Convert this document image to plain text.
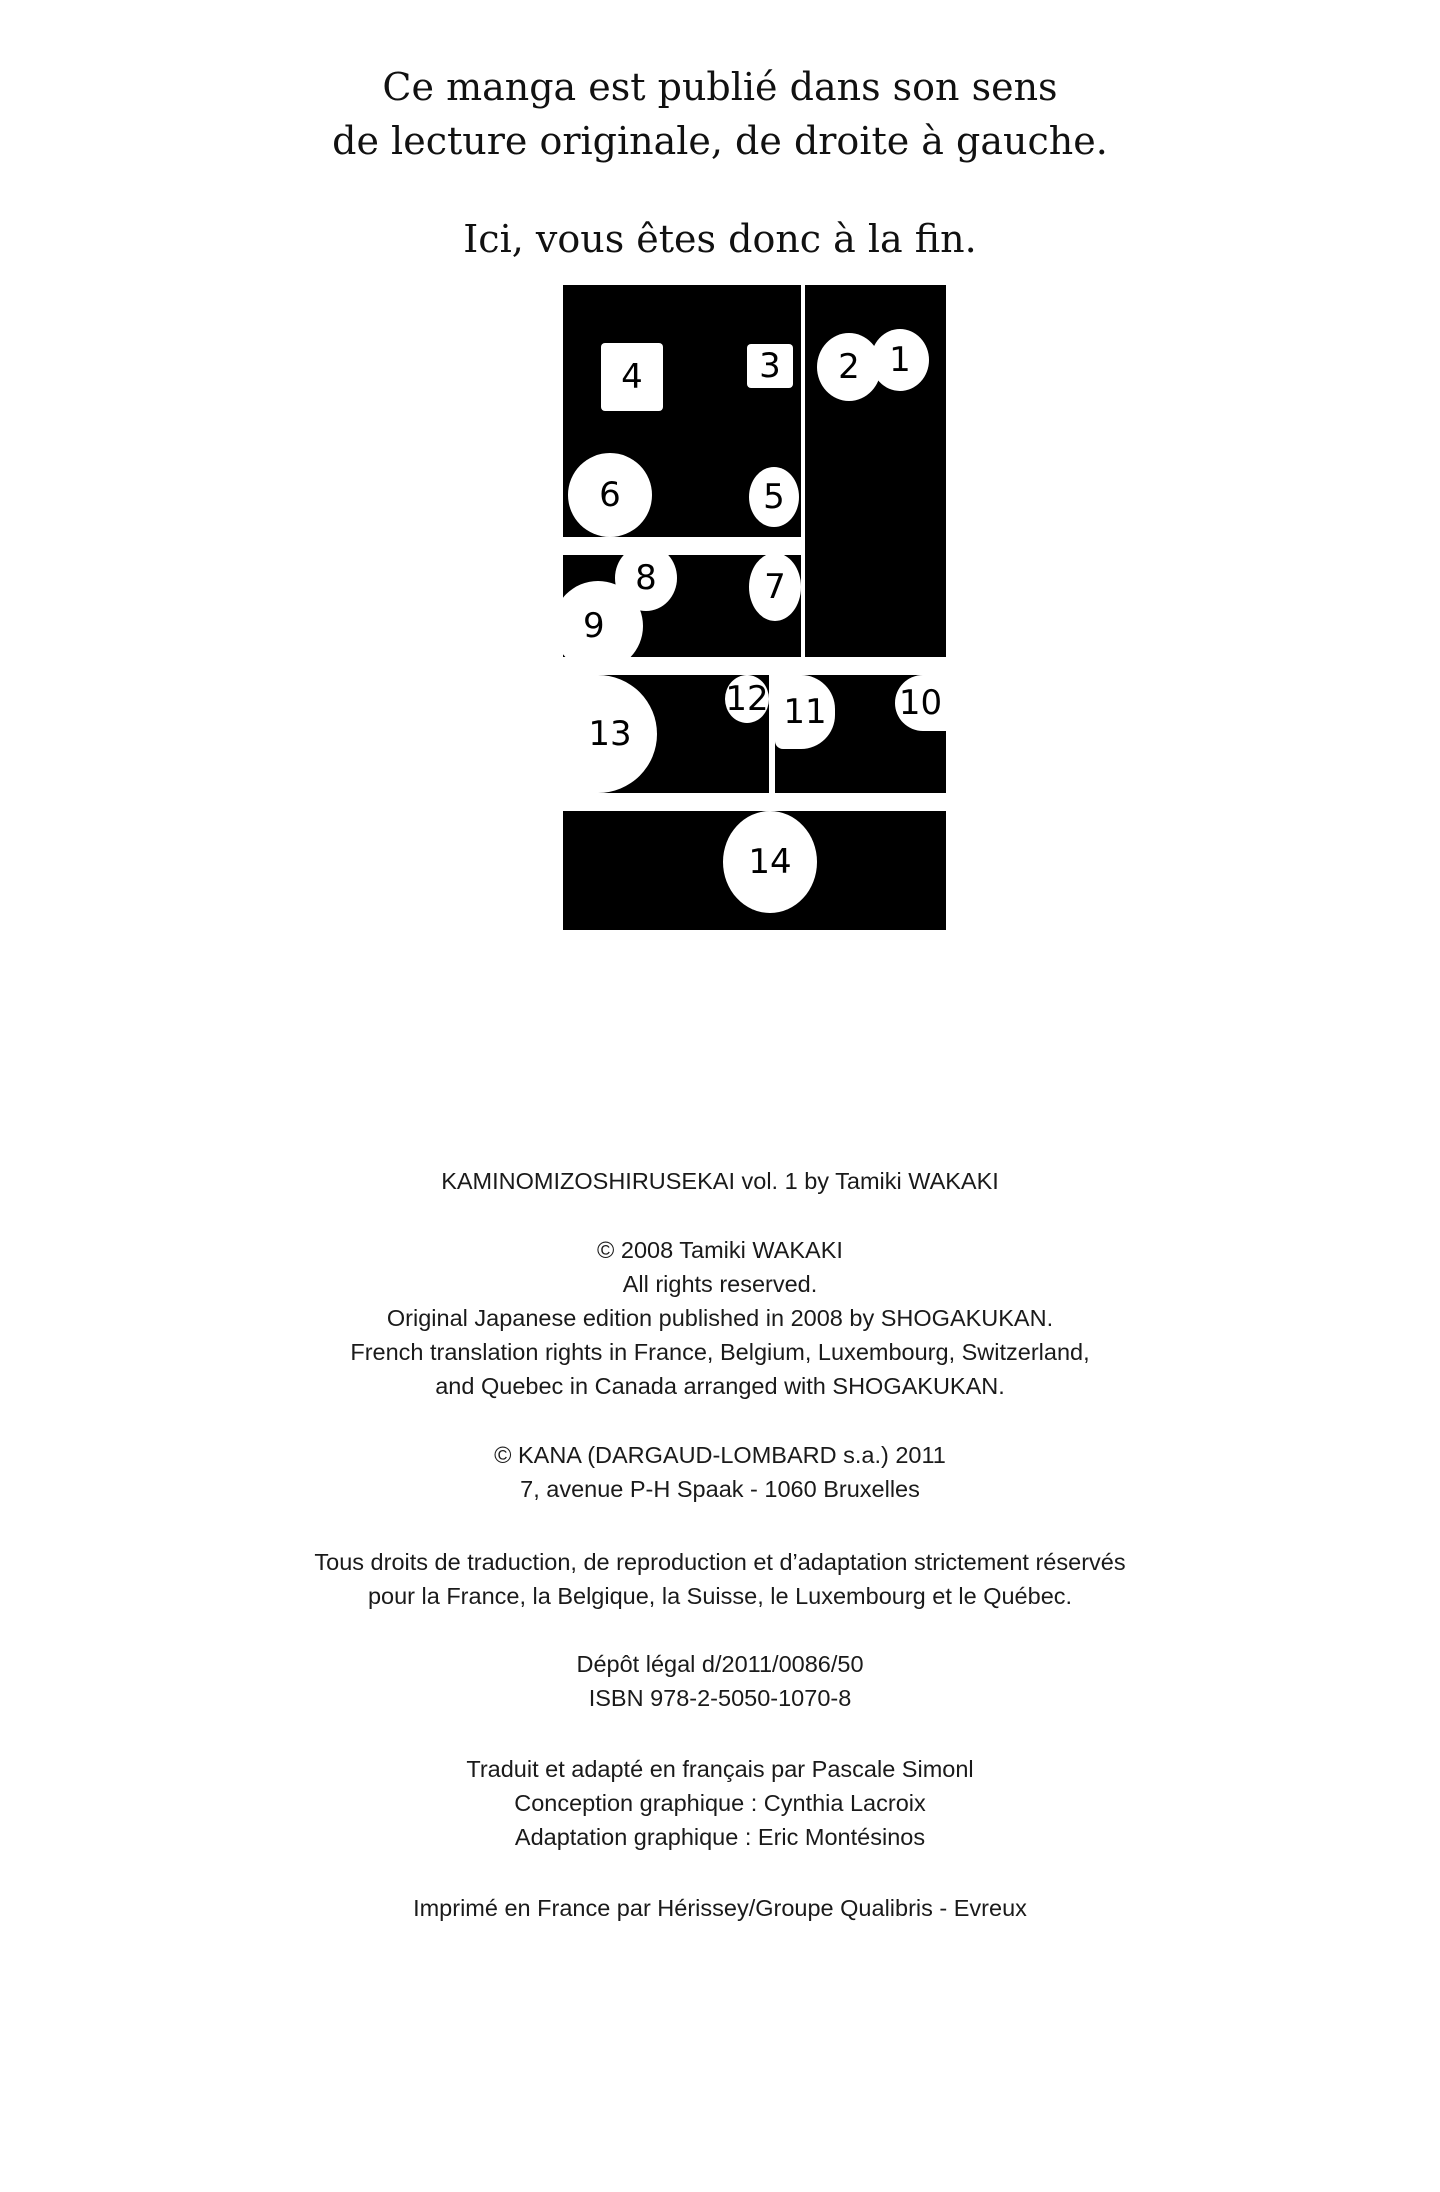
Ce manga est publié dans son sens

de lecture originale, de droite à gauche.

Ici, vous êtes donc à la fin.

4	3
6	5
2 1
9
8	7
13
12 11 10
14
KAMINOMIZOSHIRUSEKAI vol. 1 by Tamiki WAKAKI
© 2008 Tamiki WAKAKI
All rights reserved.
Original Japanese edition published in 2008 by SHOGAKUKAN.
French translation rights in France, Belgium, Luxembourg, Switzerland,
and Quebec in Canada arranged with SHOGAKUKAN.
© KANA (DARGAUD-LOMBARD s.a.) 2011
7, avenue P-H Spaak - 1060 Bruxelles
Tous droits de traduction, de reproduction et d’adaptation strictement réservés
pour la France, la Belgique, la Suisse, le Luxembourg et le Québec.
Dépôt légal d/2011/0086/50
ISBN 978-2-5050-1070-8
Traduit et adapté en français par Pascale Simonl
Conception graphique : Cynthia Lacroix
Adaptation graphique : Eric Montésinos
Imprimé en France par Hérissey/Groupe Qualibris - Evreux
